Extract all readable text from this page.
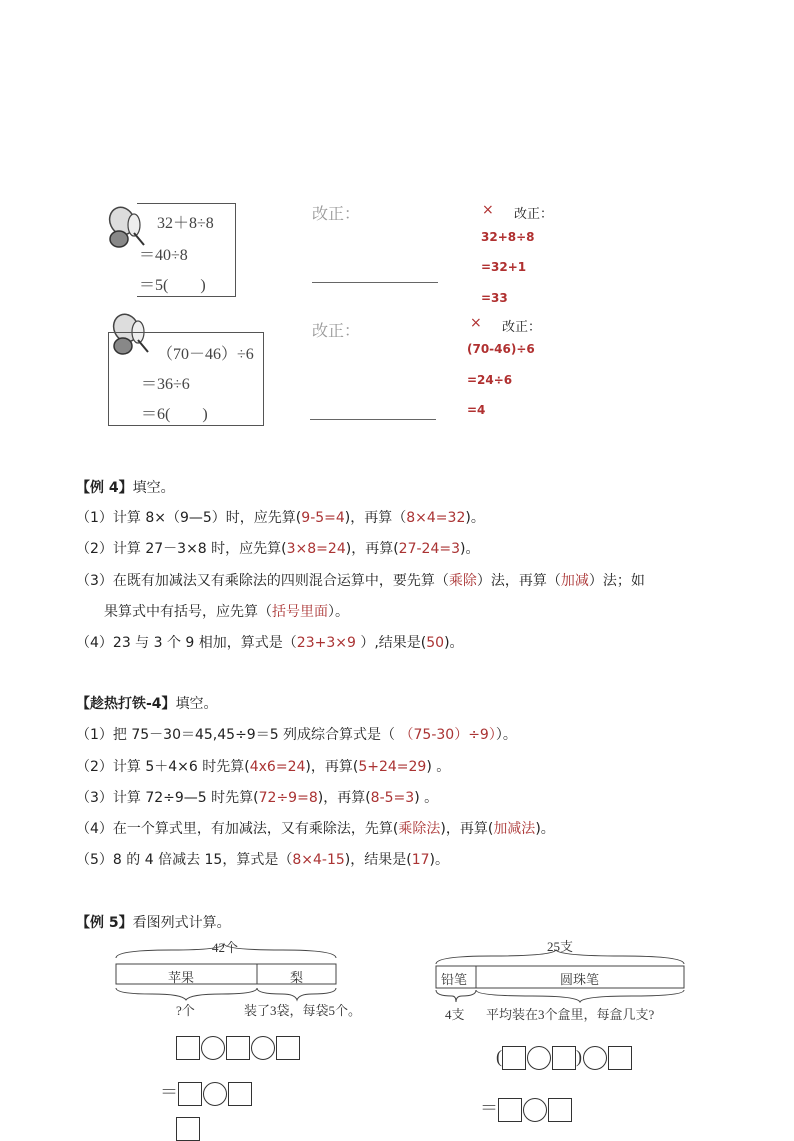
32＋8÷8
＝40÷8
＝5(　　)
改正：	× 改正：
32+8÷8
=32+1
=33
（70－46）÷6
＝36÷6
＝6(　　)
改正：	× 改正：
(70-46)÷6
=24÷6
=4
【例 4】填空。
（1）计算 8×（9—5）时，应先算(9-5=4)，再算（8×4=32)。
（2）计算 27－3×8 时，应先算(3×8=24)，再算(27-24=3)。
（3）在既有加减法又有乘除法的四则混合运算中，要先算（乘除）法，再算（加减）法；如
果算式中有括号，应先算（括号里面）。
（4）23 与 3 个 9 相加，算式是（23+3×9 ）,结果是(50)。
【趁热打铁-4】填空。
（1）把 75－30＝45,45÷9＝5 列成综合算式是（ （75-30）÷9））。
（2）计算 5＋4×6 时先算(4x6=24)，再算(5+24=29) 。
（3）计算 72÷9—5 时先算(72÷9=8)，再算(8-5=3) 。
（4）在一个算式里，有加减法，又有乘除法，先算(乘除法)，再算(加减法)。
（5）8 的 4 倍减去 15，算式是（8×4-15)，结果是(17)。
【例 5】看图列式计算。
42个
苹果	梨
?个	装了3袋，每袋5个。
＝
25支
铅笔	圆珠笔
4支 平均装在3个盒里，每盒几支?
(	)
＝
